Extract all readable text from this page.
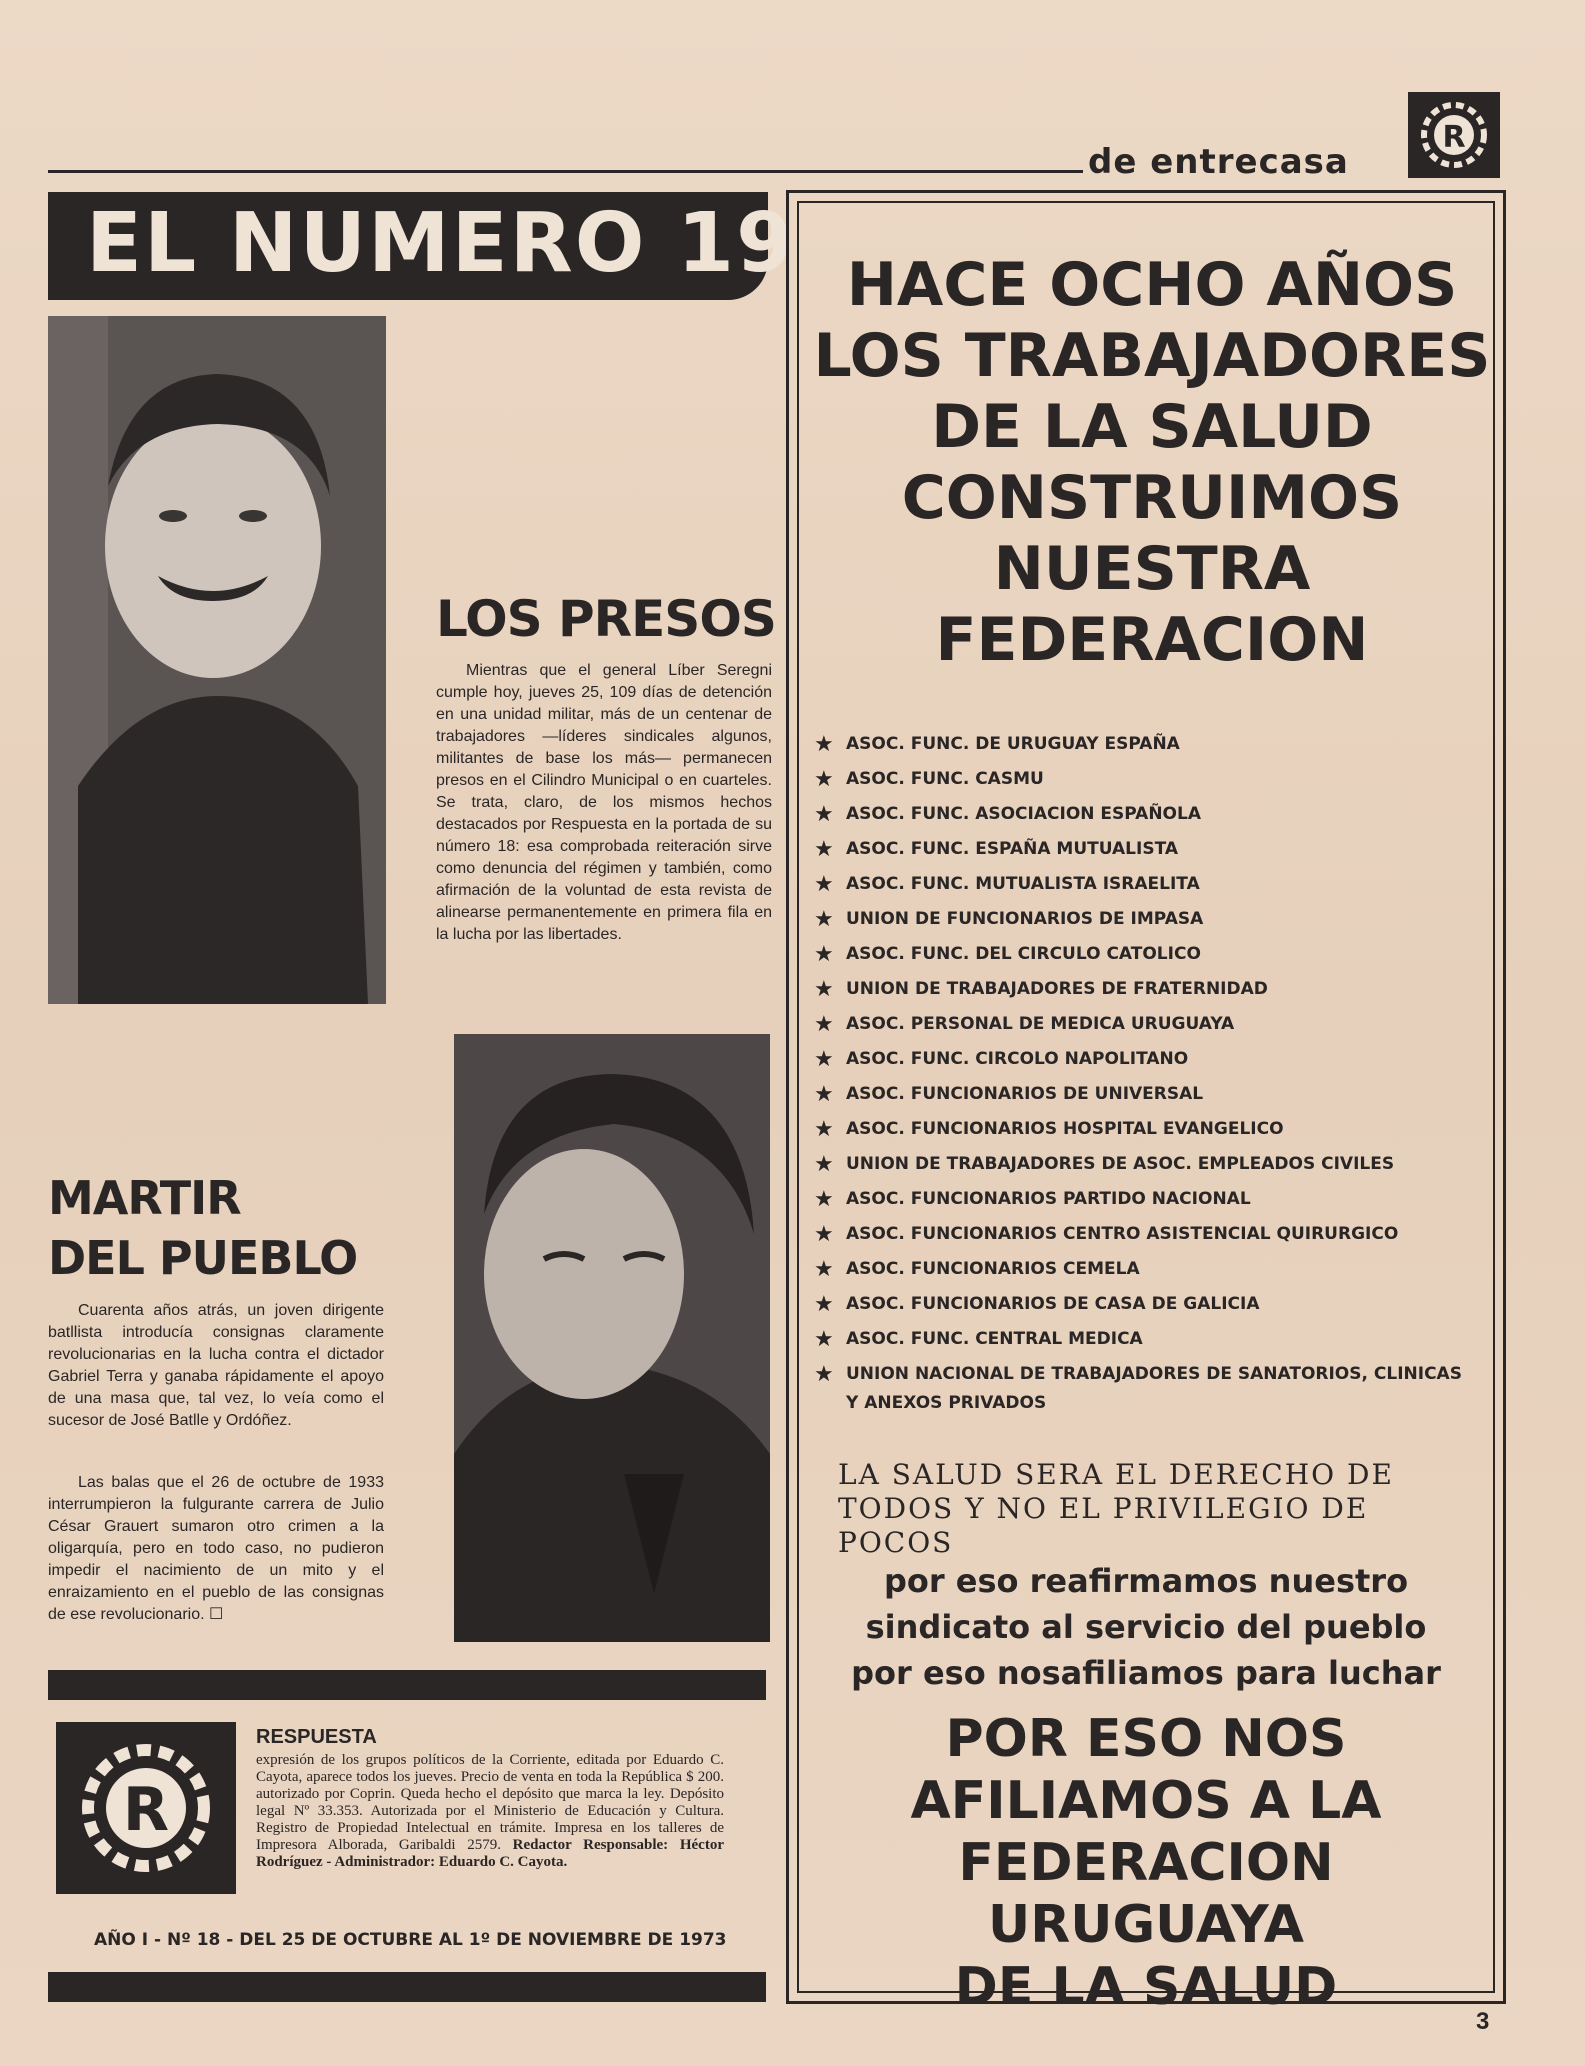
de entrecasa
R
EL NUMERO 19
LOS PRESOS
Mientras que el general Líber Seregni cumple hoy, jueves 25, 109 días de detención en una unidad militar, más de un centenar de trabajadores —líderes sindicales algunos, militantes de base los más— permanecen presos en el Cilindro Municipal o en cuarteles. Se trata, claro, de los mismos hechos destacados por Respuesta en la portada de su número 18: esa comprobada reiteración sirve como denuncia del régimen y también, como afirmación de la voluntad de esta revista de alinearse permanentemente en primera fila en la lucha por las libertades.
MARTIR
DEL PUEBLO
Cuarenta años atrás, un joven dirigente batllista introducía consignas claramente revolucionarias en la lucha contra el dictador Gabriel Terra y ganaba rápidamente el apoyo de una masa que, tal vez, lo veía como el sucesor de José Batlle y Ordóñez.
Las balas que el 26 de octubre de 1933 interrumpieron la fulgurante carrera de Julio César Grauert sumaron otro crimen a la oligarquía, pero en todo caso, no pudieron impedir el nacimiento de un mito y el enraizamiento en el pueblo de las consignas de ese revolucionario. ☐
R
RESPUESTA
expresión de los grupos políticos de la Corriente, editada por Eduardo C. Cayota, aparece todos los jueves. Precio de venta en toda la República $ 200. autorizado por Coprin. Queda hecho el depósito que marca la ley. Depósito legal Nº 33.353. Autorizada por el Ministerio de Educación y Cultura. Registro de Propiedad Intelectual en trámite. Impresa en los talleres de Impresora Alborada, Garibaldi 2579. Redactor Responsable: Héctor Rodríguez - Administrador: Eduardo C. Cayota.
AÑO I - Nº 18 - DEL 25 DE OCTUBRE AL 1º DE NOVIEMBRE DE 1973
HACE OCHO AÑOS
LOS TRABAJADORES
DE LA SALUD
CONSTRUIMOS
NUESTRA
FEDERACION
★ ASOC. FUNC. DE URUGUAY ESPAÑA
★ ASOC. FUNC. CASMU
★ ASOC. FUNC. ASOCIACION ESPAÑOLA
★ ASOC. FUNC. ESPAÑA MUTUALISTA
★ ASOC. FUNC. MUTUALISTA ISRAELITA
★ UNION DE FUNCIONARIOS DE IMPASA
★ ASOC. FUNC. DEL CIRCULO CATOLICO
★ UNION DE TRABAJADORES DE FRATERNIDAD
★ ASOC. PERSONAL DE MEDICA URUGUAYA
★ ASOC. FUNC. CIRCOLO NAPOLITANO
★ ASOC. FUNCIONARIOS DE UNIVERSAL
★ ASOC. FUNCIONARIOS HOSPITAL EVANGELICO
★ UNION DE TRABAJADORES DE ASOC. EMPLEADOS CIVILES
★ ASOC. FUNCIONARIOS PARTIDO NACIONAL
★ ASOC. FUNCIONARIOS CENTRO ASISTENCIAL QUIRURGICO
★ ASOC. FUNCIONARIOS CEMELA
★ ASOC. FUNCIONARIOS DE CASA DE GALICIA
★ ASOC. FUNC. CENTRAL MEDICA
★ UNION NACIONAL DE TRABAJADORES DE SANATORIOS, CLINICAS Y ANEXOS PRIVADOS
LA SALUD SERA EL DERECHO DE TODOS Y NO EL PRIVILEGIO DE POCOS
por eso reafirmamos nuestro
sindicato al servicio del pueblo
por eso nosafiliamos para luchar
POR ESO NOS
AFILIAMOS A LA
FEDERACION URUGUAYA
DE LA SALUD
3
